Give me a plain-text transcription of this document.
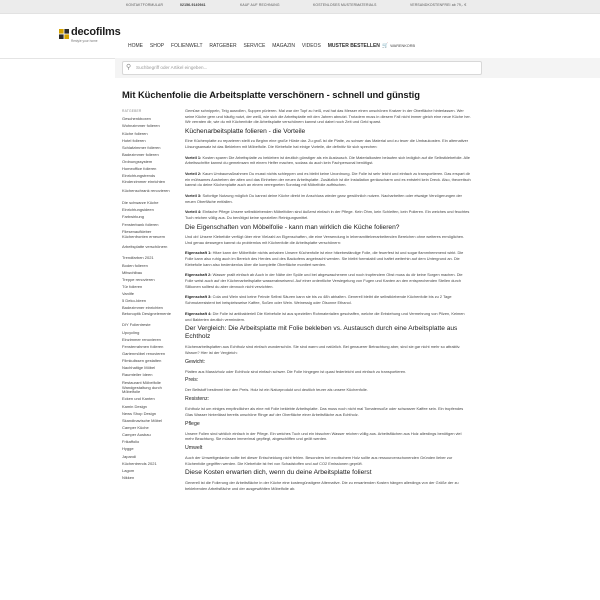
KONTAKTFORMULAR	02156-9140941	KAUF AUF RECHNUNG	KOSTENLOSES MUSTERMATERIALS	VERSANDKOSTENFREI ab 79,- €
decofilms
Restyle your home
HOME SHOP FOLIENWELT RATGEBER SERVICE MAGAZIN VIDEOS MUSTER BESTELLEN 🛒 WARENKORB
⚲
Suchbegriff oder Artikel eingeben...
Mit Küchenfolie die Arbeitsplatte verschönern - schnell und günstig
RATGEBER
Geschenkboxen
Wohnzimmer folieren
Küche folieren
Hotel folieren
Schlafzimmer folieren
Badezimmer folieren
Ordnungssystem
Homeoffice folieren
Einrichtungstrends
Kinderzimmer einrichten
Küchenschrank renovieren
Die schwarze Küche
Einrichtungsideen
Farbwirkung
Fensterbank folieren
Fliesenaufkleber
Küchenfronten erneuern
Arbeitsplatte verschönern
Trendfarben 2021
Boden folieren
Mitwohlbau
Treppe renovieren
Tür folieren
Vanlife
5 Deko-Ideen
Badezimmer einrichten
Betonoptik Designelemente
DIY Folientreste
Upcycling
Einzimmer renovieren
Fensterrahmen folieren
Gartenmöbel renovieren
Filmkulissen gestalten
Nachhaltige Möbel
Raumteiler Ideen
Restaurant Möbelfolie
Wandgestaltung durch Möbelfolie
Ecken und Kanten
Kamin Design
News Shop Design
Skandinavische Möbel
Camper Küche
Camper Ausbau
Frikaffolio
Hygge
Japandi
Küchentrends 2021
Lagom
Nikken

Gemüse schnippeln, Teig ausrollen, Suppen pürieren. Mal war der Topf zu heiß, mal hat das Messer einen unschönen Kratzer in der Oberfläche hinterlassen. Wer seine Küche gern und häufig nutzt, der weiß, wie sich die Arbeitsplatte mit den Jahren abnutzt. Trotzdem muss in diesem Fall nicht immer gleich eine neue Küche her. Wir verraten dir, wie du mit Küchenfolie die Arbeitsplatte verschönern kannst und dabei noch Zeit und Geld sparst.

Küchenarbeitsplatte folieren - die Vorteile

Eine Küchenplatte zu reparieren stellt zu Beginn eine große Hürde dar. Zu groß ist die Platte, zu schwer das Material und zu teuer die Umbaukosten. Ein alternativer Lösungsansatz ist das Bekleben mit Möbelfolie. Die Klebefolie hat einige Vorteile, die definitiv für sich sprechen:

Vorteil 1: Kosten sparen Die Arbeitsplatte zu bekleben ist deutlich günstiger als ein Austausch. Die Materialkosten belaufen sich lediglich auf die Selbstklebefolie. Alle Arbeitsschritte kannst du gemeinsam mit einem Helfer machen, sodass du auch kein Fachpersonal benötigst.

Vorteil 2: Kaum Umbaumaßnahmen Du musst nichts schleppen und es bleibt keine Unordnung. Die Folie ist sehr leicht und einfach zu transportieren. Das erspart dir ein mühsames Ausheben der alten und das Einheben der neuen Arbeitsplatte. Zusätzlich ist die Installation geräuscharm und es entsteht kein Dreck. Also, theoretisch kannst du deine Küchenplatte auch an einem verregneten Sonntag mit Möbelfolie auffrischen.

Vorteil 3: Sofortige Nutzung möglich Du kannst deine Küche direkt im Anschluss wieder ganz gewöhnlich nutzen. Nacharbeiten oder etwaige Verzögerungen der neuen Oberfläche entfallen.

Vorteil 4: Einfache Pflege Unsere selbstklebenden Möbelfolien sind äußerst einfach in der Pflege. Kein Öhm, kein Schleifen, kein Polieren. Ein weiches und feuchtes Tuch reichen völlig aus. Du benötigst keine speziellen Reinigungsmittel.

Die Eigenschaften von Möbelfolie - kann man wirklich die Küche folieren?

Und ob! Unsere Klebefolie verfügt über eine Vielzahl an Eigenschaften, die eine Verwendung in lebensmittelverarbeitenden Bereichen ohne weiteres ermöglichen. Und genau deswegen kannst du problemlos mit Küchenfolie die Arbeitsplatte verschönern:

Eigenschaft 1: Hitze kann der Möbelfolie nichts anhaben Unsere Küchenfolie ist eine hitzebeständige Folie, die feuerfest ist und sogar flammhemmend wirkt. Die Folie kann also ruhig auch im Bereich des Herdes und des Backofens angebracht werden. Sie bleibt formstabil und haftet weiterhin auf dem Untergrund an. Die Klebefolie kann also bedenkenlos über die komplette Oberfläche montiert werden.

Eigenschaft 2: Wasser prallt einfach ab Auch in der Nähe der Spüle und bei abgewaschenem und noch tropfendem Obst muss du dir keine Sorgen machen. Die Folie weist auch auf der Küchenarbeitsplatte wasserabweisend. Auf einer ordentliche Versiegelung von Fugen und Kanten an den entsprechenden Stellen durch Silikonen solltest du aber dennoch nicht verzichten.

Eigenschaft 3: Cola und Wein sind keine Feinde Selbst Säuren kann sie bis zu 48h abhalten. Generell bleibt die selbstklebende Küchenfolie bis zu 2 Tage Schmutzresistent bei beispielsweise Kaffee, Soßen oder Wein. Weinessig oder Ölsonne Ethanol.

Eigenschaft 4: Die Folie ist antibakteriell Die Klebefolie ist aus speziellen Rohmaterialien geschaffen, welche die Entstehung und Vermehrung von Pilzen, Keimen und Bakterien deutlich vermindern.

Der Vergleich: Die Arbeitsplatte mit Folie bekleben vs. Austausch durch eine Arbeitsplatte aus Echtholz

Küchenarbeitsplatten aus Echtholz sind einfach wunderschön. Sie sind warm und natürlich. Bei genauerer Betrachtung aber, sind sie gar nicht mehr so attraktiv. Warum? Hier ist der Vergleich:

Gewicht:

Platten aus Massivholz oder Echtholz sind einfach schwer. Die Folie hingegen ist quasi federleicht und einfach zu transportieren.

Preis:

Der Beltstoff bestimmt hier den Preis. Holz ist ein Naturprodukt und deutlich teurer als unsere Küchenfolie.

Resistenz:

Echtholz ist um einiges empfindlicher als eine mit Folie beklebte Arbeitsplatte. Das muss noch nicht mal Tomatensoße oder schwarzer Kaffee sein. Ein tropfendes Glas Wasser hinterlässt bereits unschöne Ringe auf der Oberfläche einer Arbeitsfläche aus Echtholz.

Pflege

Unsere Folien sind wirklich einfach in der Pflege. Ein weiches Tuch und ein bisschen Wasser reichen völlig aus. Arbeitsflächen aus Holz allerdings benötigen viel mehr Beachtung. Sie müssen immer/mal gepflegt, abgeschliffen und geölt werden.

Umwelt

Auch der Umweltgedanke sollte bei dieser Entscheidung nicht fehlen. Besonders bei exotischem Holz sollte aus ressourcenschonenden Gründen lieber zur Küchenfolie gegriffen werden. Die Klebefolie ist frei von Schadstoffen und auf CO2 Emissionen geprüft.

Diese Kosten erwarten dich, wenn du deine Arbeitsplatte folierst

Generell ist die Folierung der Arbeitsfläche in der Küche eine kostengünstigere Alternative. Die zu erwartenden Kosten hängen allerdings von der Größe der zu beklebenden Arbeitsfläche und der ausgewählten Möbelfolie ab.
